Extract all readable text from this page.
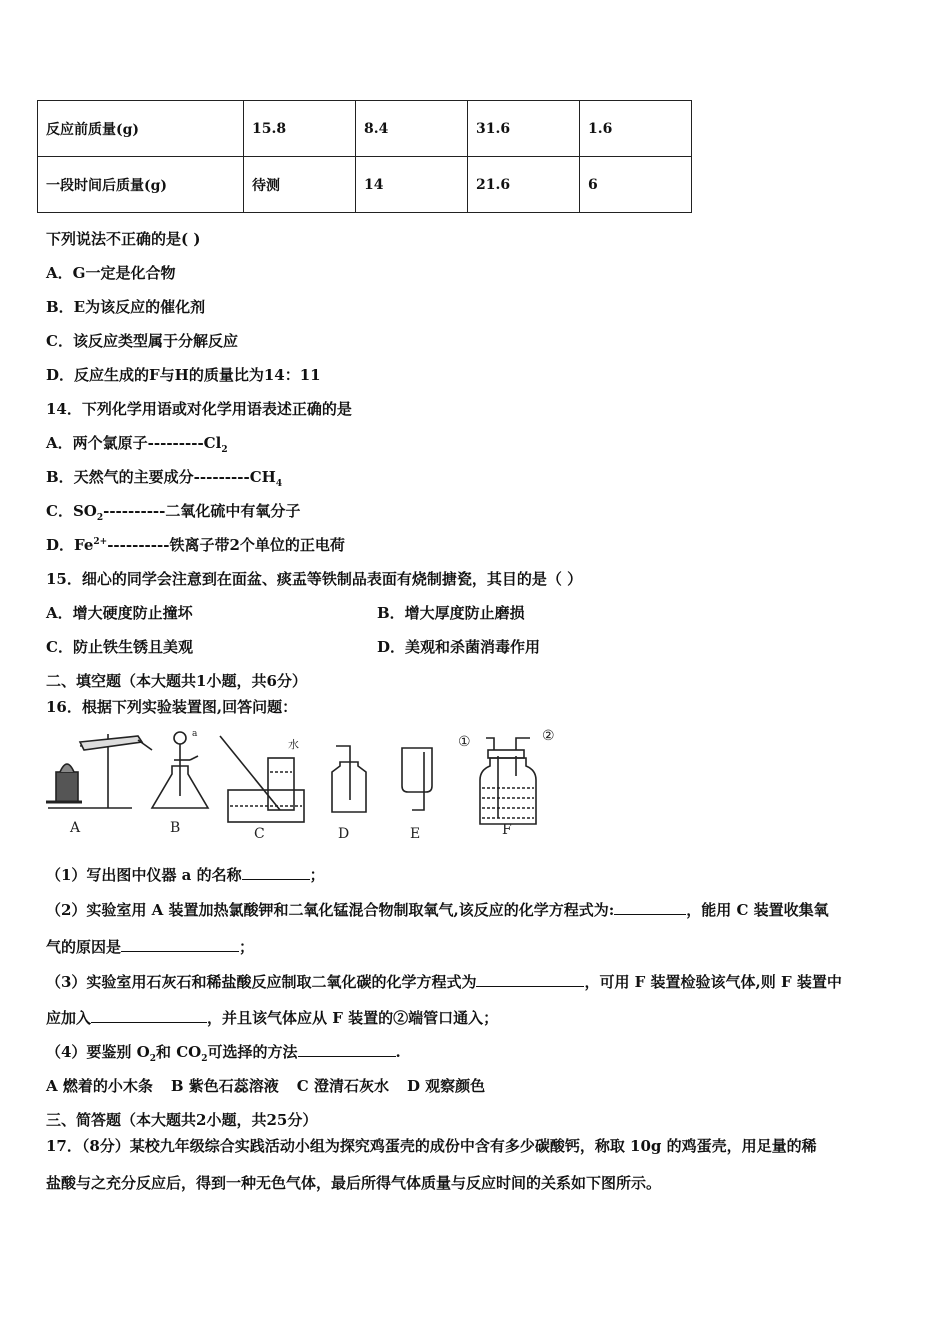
反应前质量(g)	15.8	8.4	31.6	1.6
一段时间后质量(g)	待测	14	21.6	6
下列说法不正确的是( )
A．G一定是化合物
B．E为该反应的催化剂
C．该反应类型属于分解反应
D．反应生成的F与H的质量比为14：11
14．下列化学用语或对化学用语表述正确的是
A．两个氯原子$---------Cl_2$
B．天然气的主要成分$---------CH_4$
C．$SO_2----------$二氧化硫中有氧分子
D．$Fe^{2+}----------$铁离子带2个单位的正电荷
15．细心的同学会注意到在面盆、痰盂等铁制品表面有烧制搪瓷，其目的是（ ）
A．增大硬度防止撞坏	B．增大厚度防止磨损
C．防止铁生锈且美观	D．美观和杀菌消毒作用
二、填空题（本大题共1小题，共6分）
16．根据下列实验装置图,回答问题：
A
a
B
水
C	D	E
①	②
F
（1）写出图中仪器 a 的名称	；
（2）实验室用 A 装置加热氯酸钾和二氧化锰混合物制取氧气,该反应的化学方程式为:	，能用 C 装置收集氧
气的原因是	；
（3）实验室用石灰石和稀盐酸反应制取二氧化碳的化学方程式为	，可用 F 装置检验该气体,则 F 装置中
应加入	，并且该气体应从 F 装置的②端管口通入；
（4）要鉴别 $O_2$和 $CO_2$可选择的方法	.
A 燃着的小木条 B 紫色石蕊溶液 C 澄清石灰水 D 观察颜色
三、简答题（本大题共2小题，共25分）
17．（8分）某校九年级综合实践活动小组为探究鸡蛋壳的成份中含有多少碳酸钙，称取 10g 的鸡蛋壳，用足量的稀
盐酸与之充分反应后，得到一种无色气体，最后所得气体质量与反应时间的关系如下图所示。
